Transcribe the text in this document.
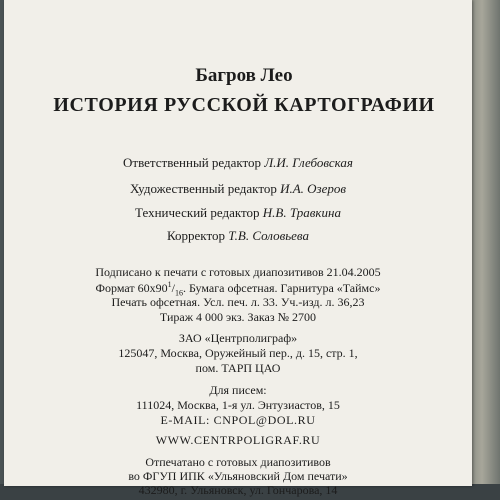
Багров Лео
ИСТОРИЯ РУССКОЙ КАРТОГРАФИИ
Ответственный редактор Л.И. Глебовская
Художественный редактор И.А. Озеров
Технический редактор Н.В. Травкина
Корректор Т.В. Соловьева
Подписано к печати с готовых диапозитивов 21.04.2005
Формат $60х90^1/_{16}$. Бумага офсетная. Гарнитура «Таймс»
Печать офсетная. Усл. печ. л. 33. Уч.-изд. л. 36,23
Тираж 4 000 экз. Заказ № 2700
ЗАО «Центрполиграф»
125047, Москва, Оружейный пер., д. 15, стр. 1,
пом. ТАРП ЦАО
Для писем:
111024, Москва, 1-я ул. Энтузиастов, 15
E-MAIL: CNPOL@DOL.RU
WWW.CENTRPOLIGRAF.RU
Отпечатано с готовых диапозитивов
во ФГУП ИПК «Ульяновский Дом печати»
